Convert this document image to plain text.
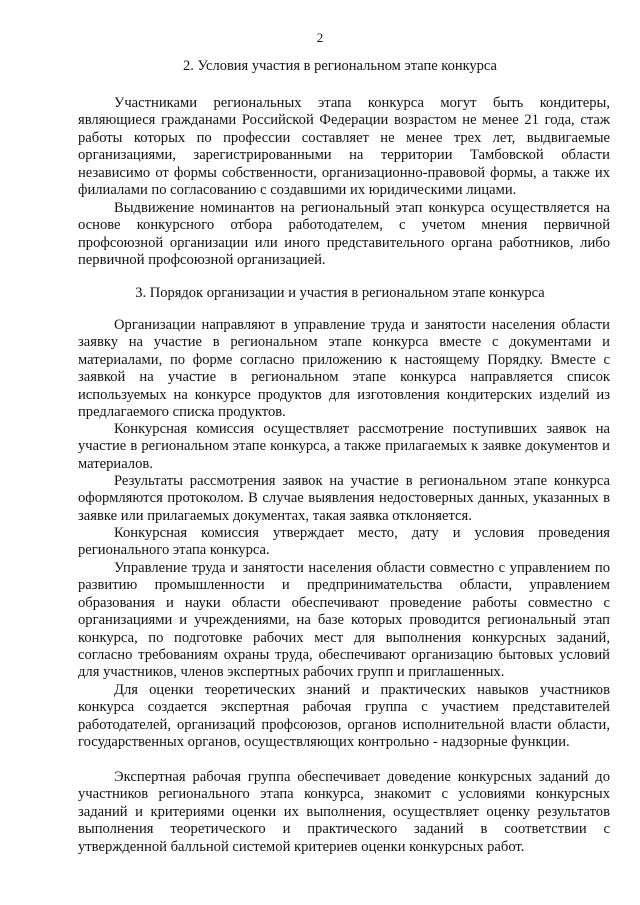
2
2. Условия участия в региональном этапе конкурса
Участниками региональных этапа конкурса могут быть кондитеры, являющиеся гражданами Российской Федерации возрастом не менее 21 года, стаж работы которых по профессии составляет не менее трех лет, выдвигаемые организациями, зарегистрированными на территории Тамбовской области независимо от формы собственности, организационно-правовой формы, а также их филиалами по согласованию с создавшими их юридическими лицами.
Выдвижение номинантов на региональный этап конкурса осуществляется на основе конкурсного отбора работодателем, с учетом мнения первичной профсоюзной организации или иного представительного органа работников, либо первичной профсоюзной организацией.
3. Порядок организации и участия в региональном этапе конкурса
Организации направляют в управление труда и занятости населения области заявку на участие в региональном этапе конкурса вместе с документами и материалами, по форме согласно приложению к настоящему Порядку. Вместе с заявкой на участие в региональном этапе конкурса направляется список используемых на конкурсе продуктов для изготовления кондитерских изделий из предлагаемого списка продуктов.
Конкурсная комиссия осуществляет рассмотрение поступивших заявок на участие в региональном этапе конкурса, а также прилагаемых к заявке документов и материалов.
Результаты рассмотрения заявок на участие в региональном этапе конкурса оформляются протоколом. В случае выявления недостоверных данных, указанных в заявке или прилагаемых документах, такая заявка отклоняется.
Конкурсная комиссия утверждает место, дату и условия проведения регионального этапа конкурса.
Управление труда и занятости населения области совместно с управлением по развитию промышленности и предпринимательства области, управлением образования и науки области обеспечивают проведение работы совместно с организациями и учреждениями, на базе которых проводится региональный этап конкурса, по подготовке рабочих мест для выполнения конкурсных заданий, согласно требованиям охраны труда, обеспечивают организацию бытовых условий для участников, членов экспертных рабочих групп и приглашенных.
Для оценки теоретических знаний и практических навыков участников конкурса создается экспертная рабочая группа с участием представителей работодателей, организаций профсоюзов, органов исполнительной власти области, государственных органов, осуществляющих контрольно - надзорные функции.
Экспертная рабочая группа обеспечивает доведение конкурсных заданий до участников регионального этапа конкурса, знакомит с условиями конкурсных заданий и критериями оценки их выполнения, осуществляет оценку результатов выполнения теоретического и практического заданий в соответствии с утвержденной балльной системой критериев оценки конкурсных работ.
